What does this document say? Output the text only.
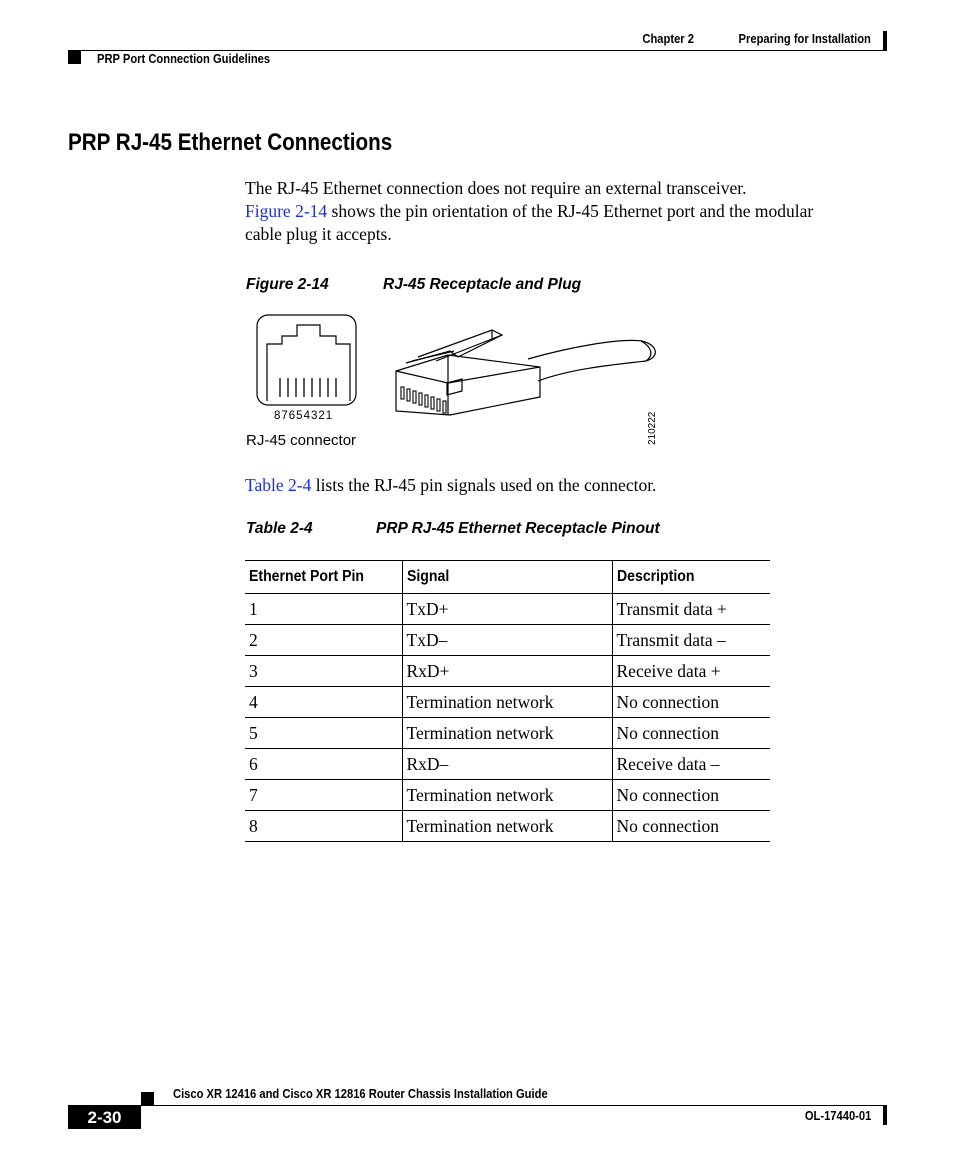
Chapter 2	Preparing for Installation
PRP Port Connection Guidelines
PRP RJ-45 Ethernet Connections
The RJ-45 Ethernet connection does not require an external transceiver.
Figure 2-14 shows the pin orientation of the RJ-45 Ethernet port and the modular
cable plug it accepts.
Figure 2-14	RJ-45 Receptacle and Plug
87654321
RJ-45 connector	210222
Table 2-4 lists the RJ-45 pin signals used on the connector.
Table 2-4	PRP RJ-45 Ethernet Receptacle Pinout
Ethernet Port Pin	Signal	Description
1	TxD+	Transmit data +
2	TxD–	Transmit data –
3	RxD+	Receive data +
4	Termination network	No connection
5	Termination network	No connection
6	RxD–	Receive data –
7	Termination network	No connection
8	Termination network	No connection
Cisco XR 12416 and Cisco XR 12816 Router Chassis Installation Guide
2-30	OL-17440-01
